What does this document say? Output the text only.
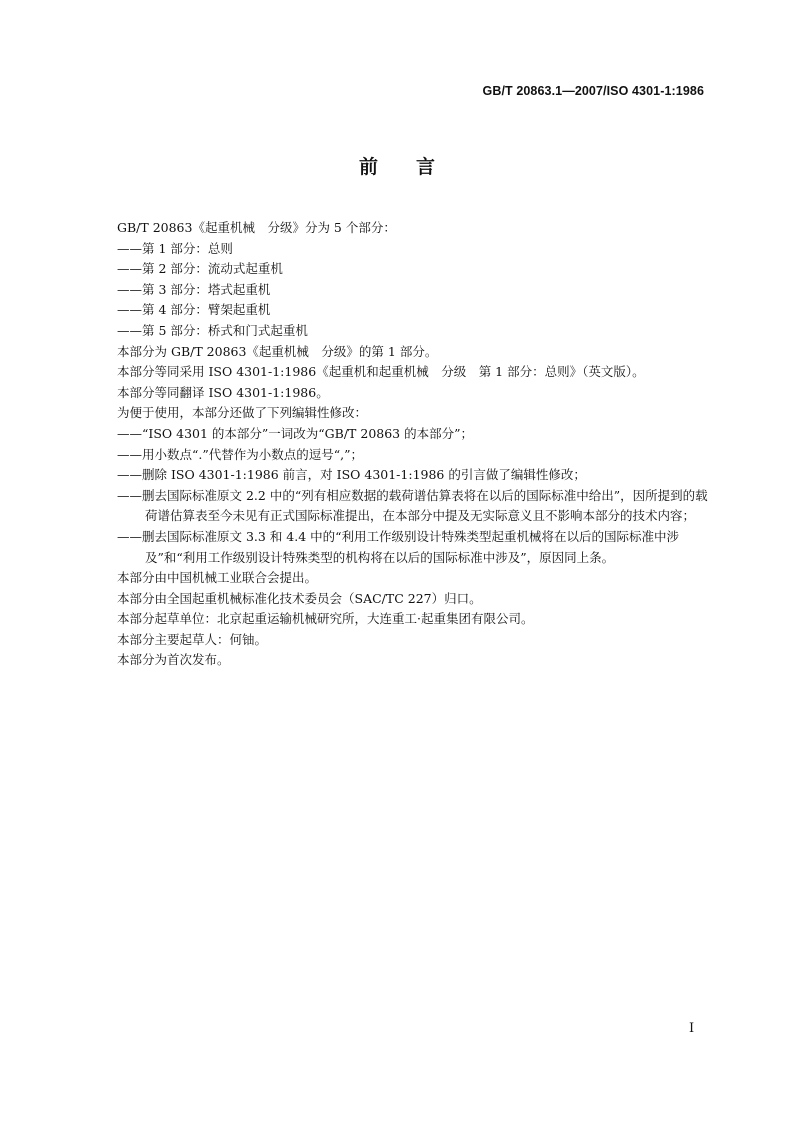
GB/T 20863.1—2007/ISO 4301-1:1986
前　　言

GB/T 20863《起重机械　分级》分为 5 个部分：

——第 1 部分：总则

——第 2 部分：流动式起重机

——第 3 部分：塔式起重机

——第 4 部分：臂架起重机

——第 5 部分：桥式和门式起重机

本部分为 GB/T 20863《起重机械　分级》的第 1 部分。

本部分等同采用 ISO 4301-1:1986《起重机和起重机械　分级　第 1 部分：总则》（英文版）。

本部分等同翻译 ISO 4301-1:1986。

为便于使用，本部分还做了下列编辑性修改：

——“ISO 4301 的本部分”一词改为“GB/T 20863 的本部分”；

——用小数点“.”代替作为小数点的逗号“,”；

——删除 ISO 4301-1:1986 前言，对 ISO 4301-1:1986 的引言做了编辑性修改；

——删去国际标准原文 2.2 中的“列有相应数据的载荷谱估算表将在以后的国际标准中给出”，因所提到的载荷谱估算表至今未见有正式国际标准提出，在本部分中提及无实际意义且不影响本部分的技术内容；

——删去国际标准原文 3.3 和 4.4 中的“利用工作级别设计特殊类型起重机械将在以后的国际标准中涉及”和“利用工作级别设计特殊类型的机构将在以后的国际标准中涉及”，原因同上条。

本部分由中国机械工业联合会提出。

本部分由全国起重机械标准化技术委员会（SAC/TC 227）归口。

本部分起草单位：北京起重运输机械研究所，大连重工·起重集团有限公司。

本部分主要起草人：何铀。

本部分为首次发布。

I
